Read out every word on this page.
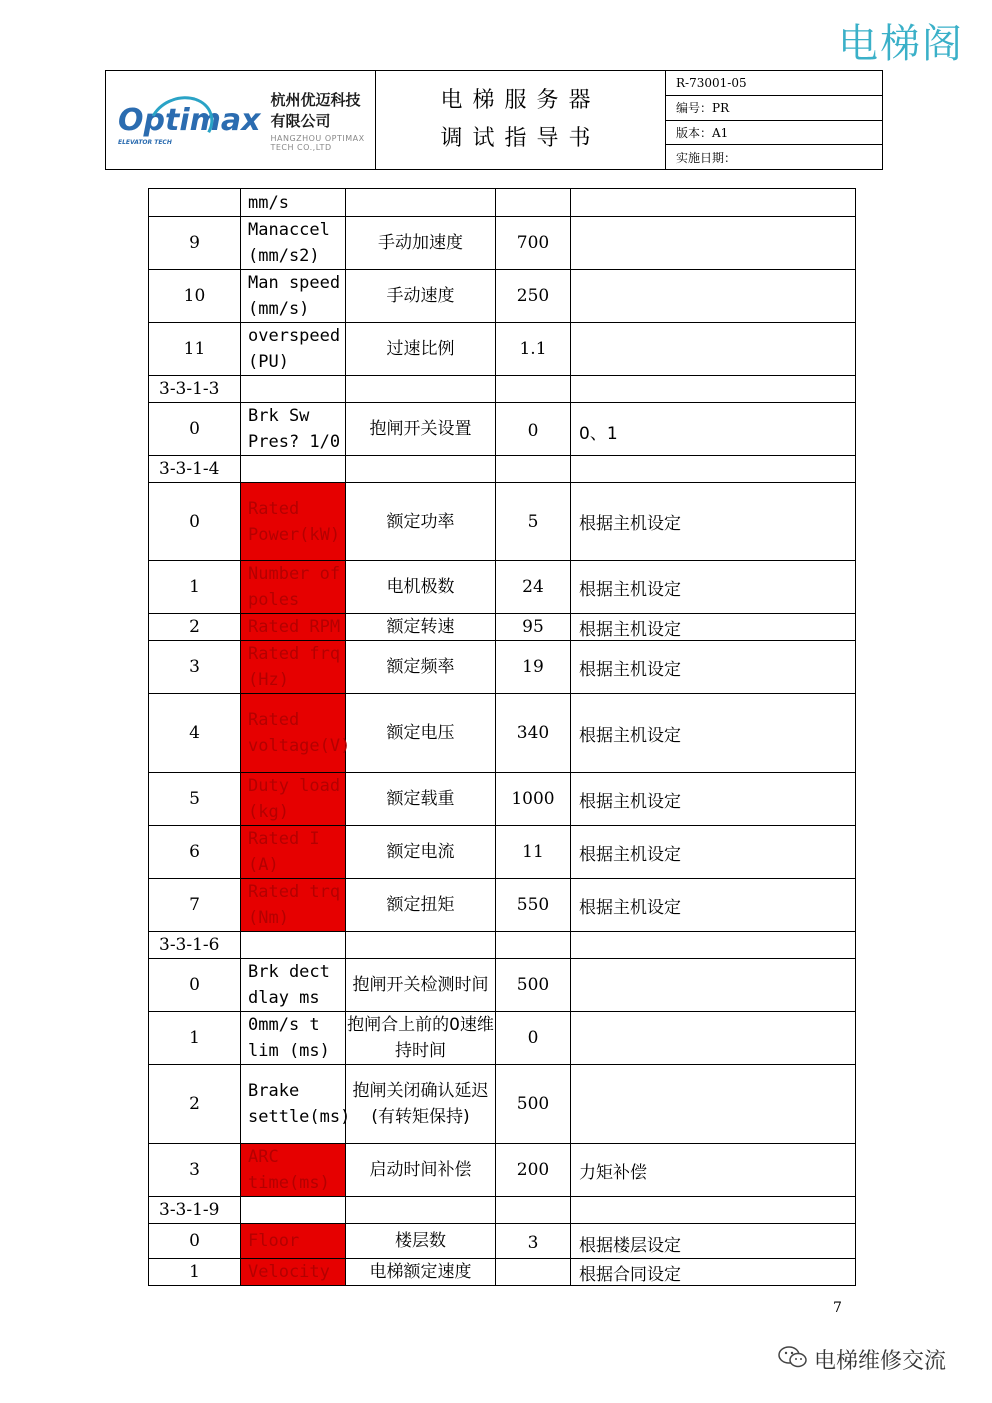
电梯阁
Optimax
ELEVATOR TECH
杭州优迈科技有限公司
HANGZHOU OPTIMAX TECH CO.,LTD
电梯服务器
调试指导书
R-73001-05
编号：PR
版本：A1
实施日期：
	mm/s			
9	Manaccel (mm/s2)	手动加速度	700	
10	Man speed (mm/s)	手动速度	250	
11	overspeed (PU)	过速比例	1.1	
3-3-1-3				
0	Brk Sw Pres? 1/0	抱闸开关设置	0	0、1
3-3-1-4				
0	Rated Power(kW)	额定功率	5	根据主机设定
1	Number of poles	电机极数	24	根据主机设定
2	Rated RPM	额定转速	95	根据主机设定
3	Rated frq (Hz)	额定频率	19	根据主机设定
4	Rated voltage(V)	额定电压	340	根据主机设定
5	Duty load (kg)	额定载重	1000	根据主机设定
6	Rated I (A)	额定电流	11	根据主机设定
7	Rated trq (Nm)	额定扭矩	550	根据主机设定
3-3-1-6				
0	Brk dect dlay ms	抱闸开关检测时间	500	
1	0mm/s t lim (ms)	抱闸合上前的0速维持时间	0	
2	Brake settle(ms)	抱闸关闭确认延迟(有转矩保持)	500	
3	ARC time(ms)	启动时间补偿	200	力矩补偿
3-3-1-9				
0	Floor	楼层数	3	根据楼层设定
1	Velocity	电梯额定速度		根据合同设定
7
电梯维修交流
